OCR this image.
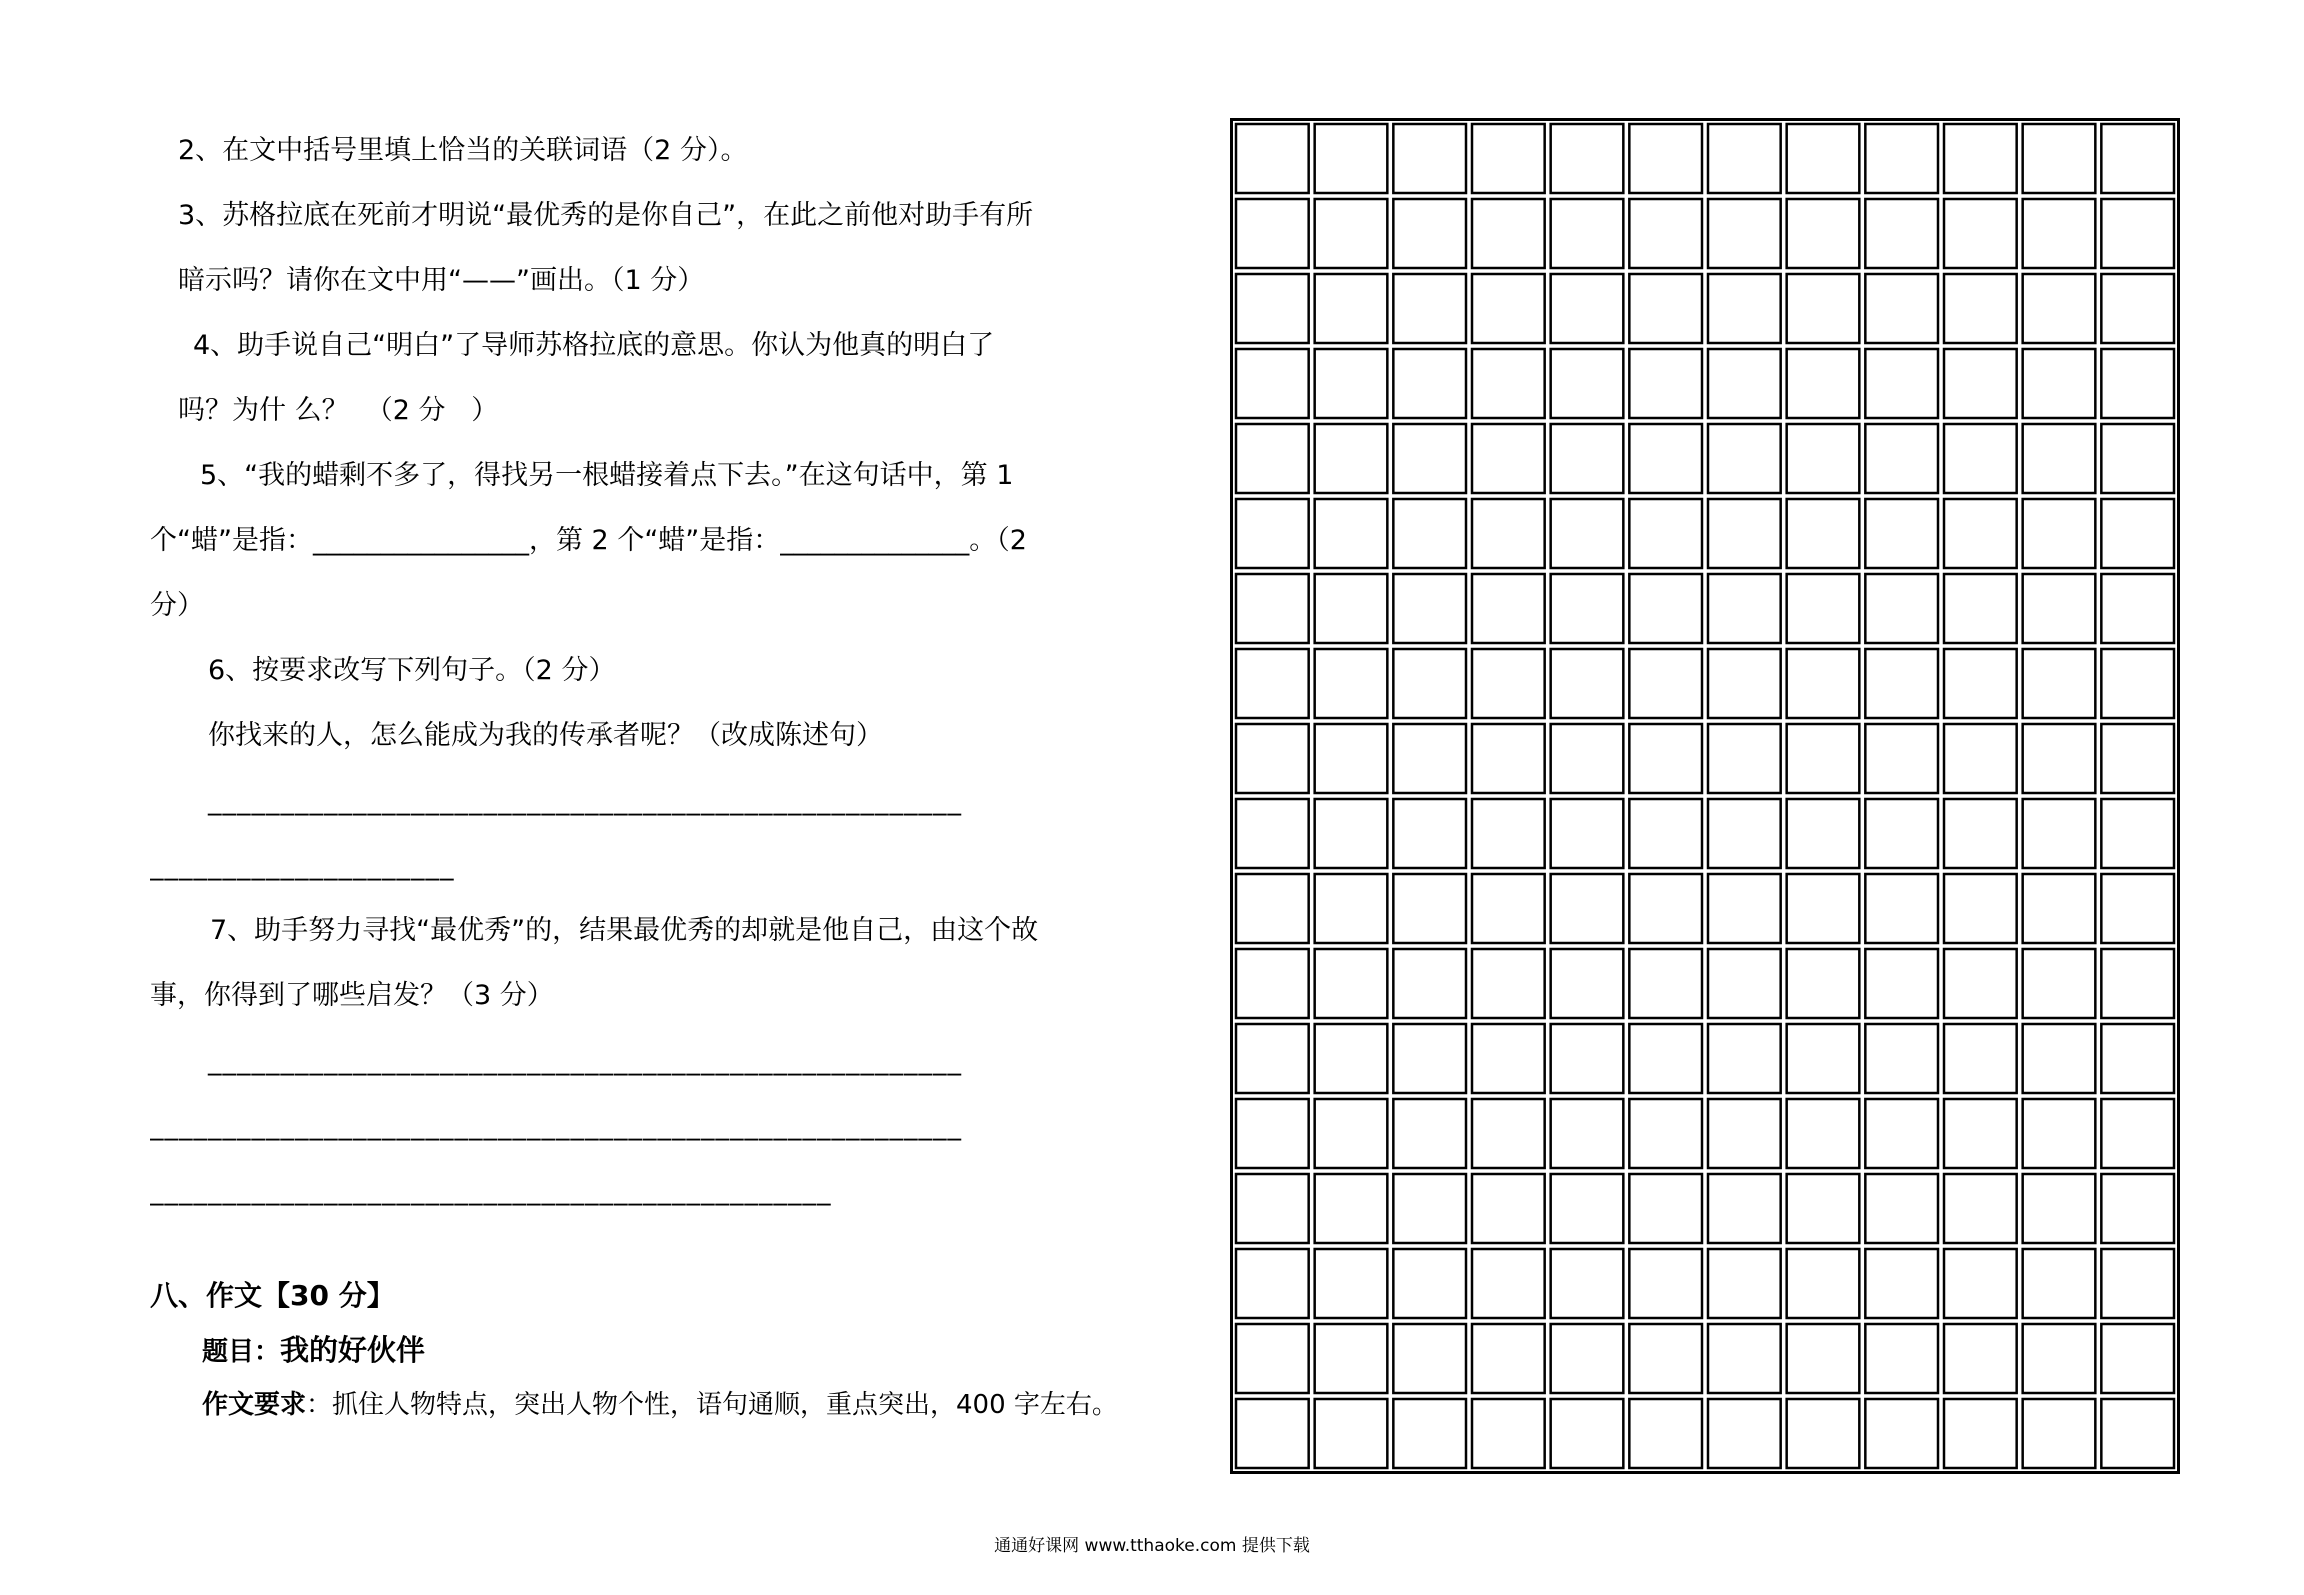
2、在文中括号里填上恰当的关联词语（2 分）。
3、苏格拉底在死前才明说“最优秀的是你自己”，在此之前他对助手有所
暗示吗？请你在文中用“——”画出。（1 分）
4、助手说自己“明白”了导师苏格拉底的意思。你认为他真的明白了
吗？为什 么？  （2 分   ）
5、“我的蜡剩不多了，得找另一根蜡接着点下去。”在这句话中，第 1
个“蜡”是指：________________，第 2 个“蜡”是指：______________。（2
分）
6、按要求改写下列句子。（2 分）
你找来的人，怎么能成为我的传承者呢？（改成陈述句）
____________________________________________________
_____________________
7、助手努力寻找“最优秀”的，结果最优秀的却就是他自己，由这个故
事，你得到了哪些启发？（3 分）
____________________________________________________
________________________________________________________
_______________________________________________
八、作文【30 分】
题目：我的好伙伴
作文要求：抓住人物特点，突出人物个性，语句通顺，重点突出，400 字左右。
通通好课网 www.tthaoke.com 提供下载
